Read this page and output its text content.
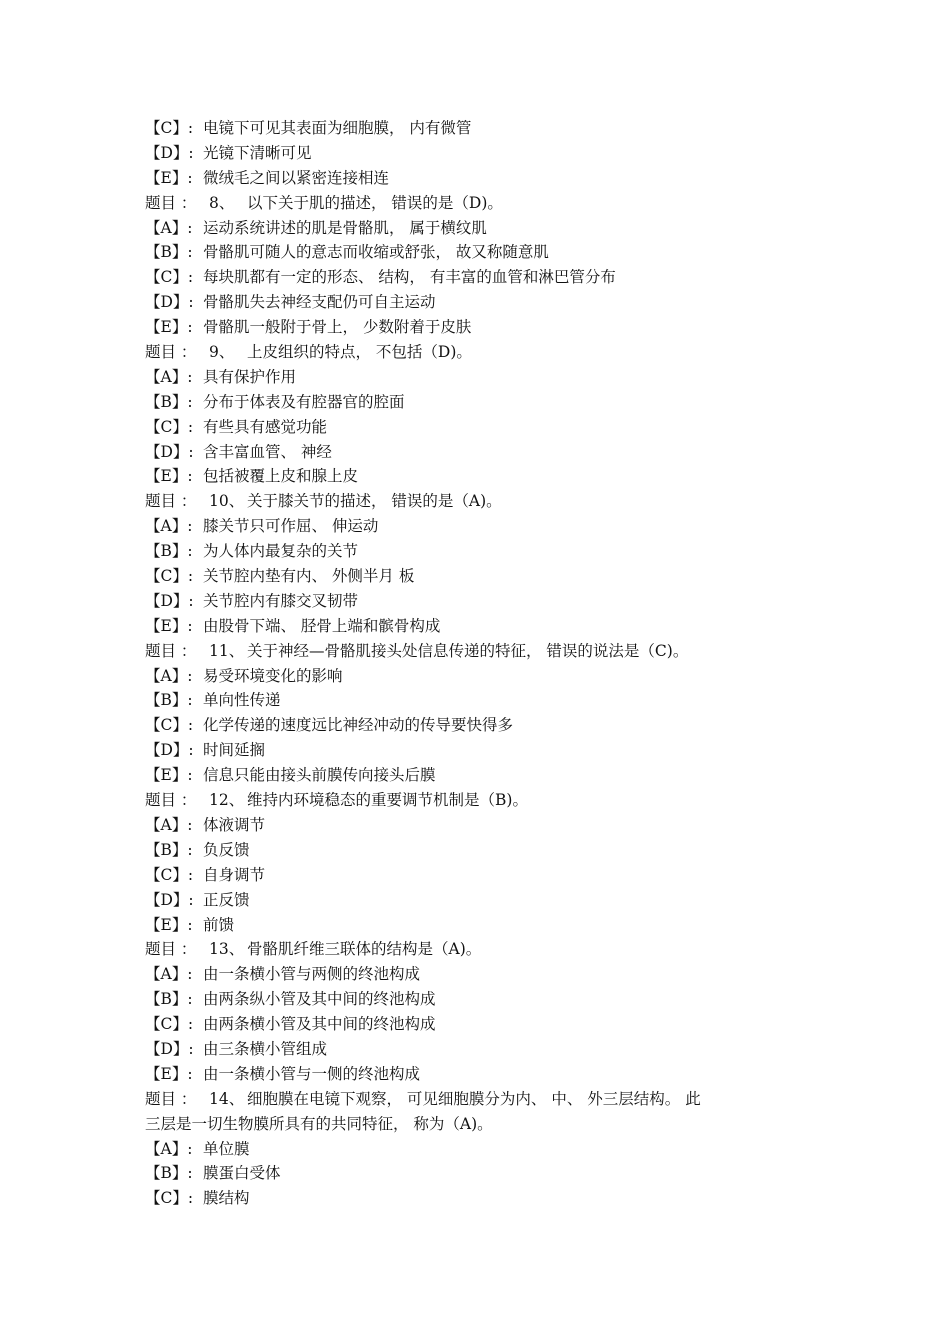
【C】: 电镜下可见其表面为细胞膜， 内有微管
【D】: 光镜下清晰可见
【E】: 微绒毛之间以紧密连接相连
题目 ： 8、 以下关于肌的描述， 错误的是（D)。
【A】: 运动系统讲述的肌是骨骼肌， 属于横纹肌
【B】: 骨骼肌可随人的意志而收缩或舒张， 故又称随意肌
【C】: 每块肌都有一定的形态、 结构， 有丰富的血管和淋巴管分布
【D】: 骨骼肌失去神经支配仍可自主运动
【E】: 骨骼肌一般附于骨上， 少数附着于皮肤
题目 ： 9、 上皮组织的特点， 不包括（D)。
【A】: 具有保护作用
【B】: 分布于体表及有腔器官的腔面
【C】: 有些具有感觉功能
【D】: 含丰富血管、 神经
【E】: 包括被覆上皮和腺上皮
题目 ： 10、 关于膝关节的描述， 错误的是（A)。
【A】: 膝关节只可作屈、 伸运动
【B】: 为人体内最复杂的关节
【C】: 关节腔内垫有内、 外侧半月 板
【D】: 关节腔内有膝交叉韧带
【E】: 由股骨下端、 胫骨上端和髌骨构成
题目 ： 11、 关于神经—骨骼肌接头处信息传递的特征， 错误的说法是（C)。
【A】: 易受环境变化的影响
【B】: 单向性传递
【C】: 化学传递的速度远比神经冲动的传导要快得多
【D】: 时间延搁
【E】: 信息只能由接头前膜传向接头后膜
题目 ： 12、 维持内环境稳态的重要调节机制是（B)。
【A】: 体液调节
【B】: 负反馈
【C】: 自身调节
【D】: 正反馈
【E】: 前馈
题目 ： 13、 骨骼肌纤维三联体的结构是（A)。
【A】: 由一条横小管与两侧的终池构成
【B】: 由两条纵小管及其中间的终池构成
【C】: 由两条横小管及其中间的终池构成
【D】: 由三条横小管组成
【E】: 由一条横小管与一侧的终池构成
题目 ： 14、 细胞膜在电镜下观察， 可见细胞膜分为内、 中、 外三层结构。 此
三层是一切生物膜所具有的共同特征， 称为（A)。
【A】: 单位膜
【B】: 膜蛋白受体
【C】: 膜结构
